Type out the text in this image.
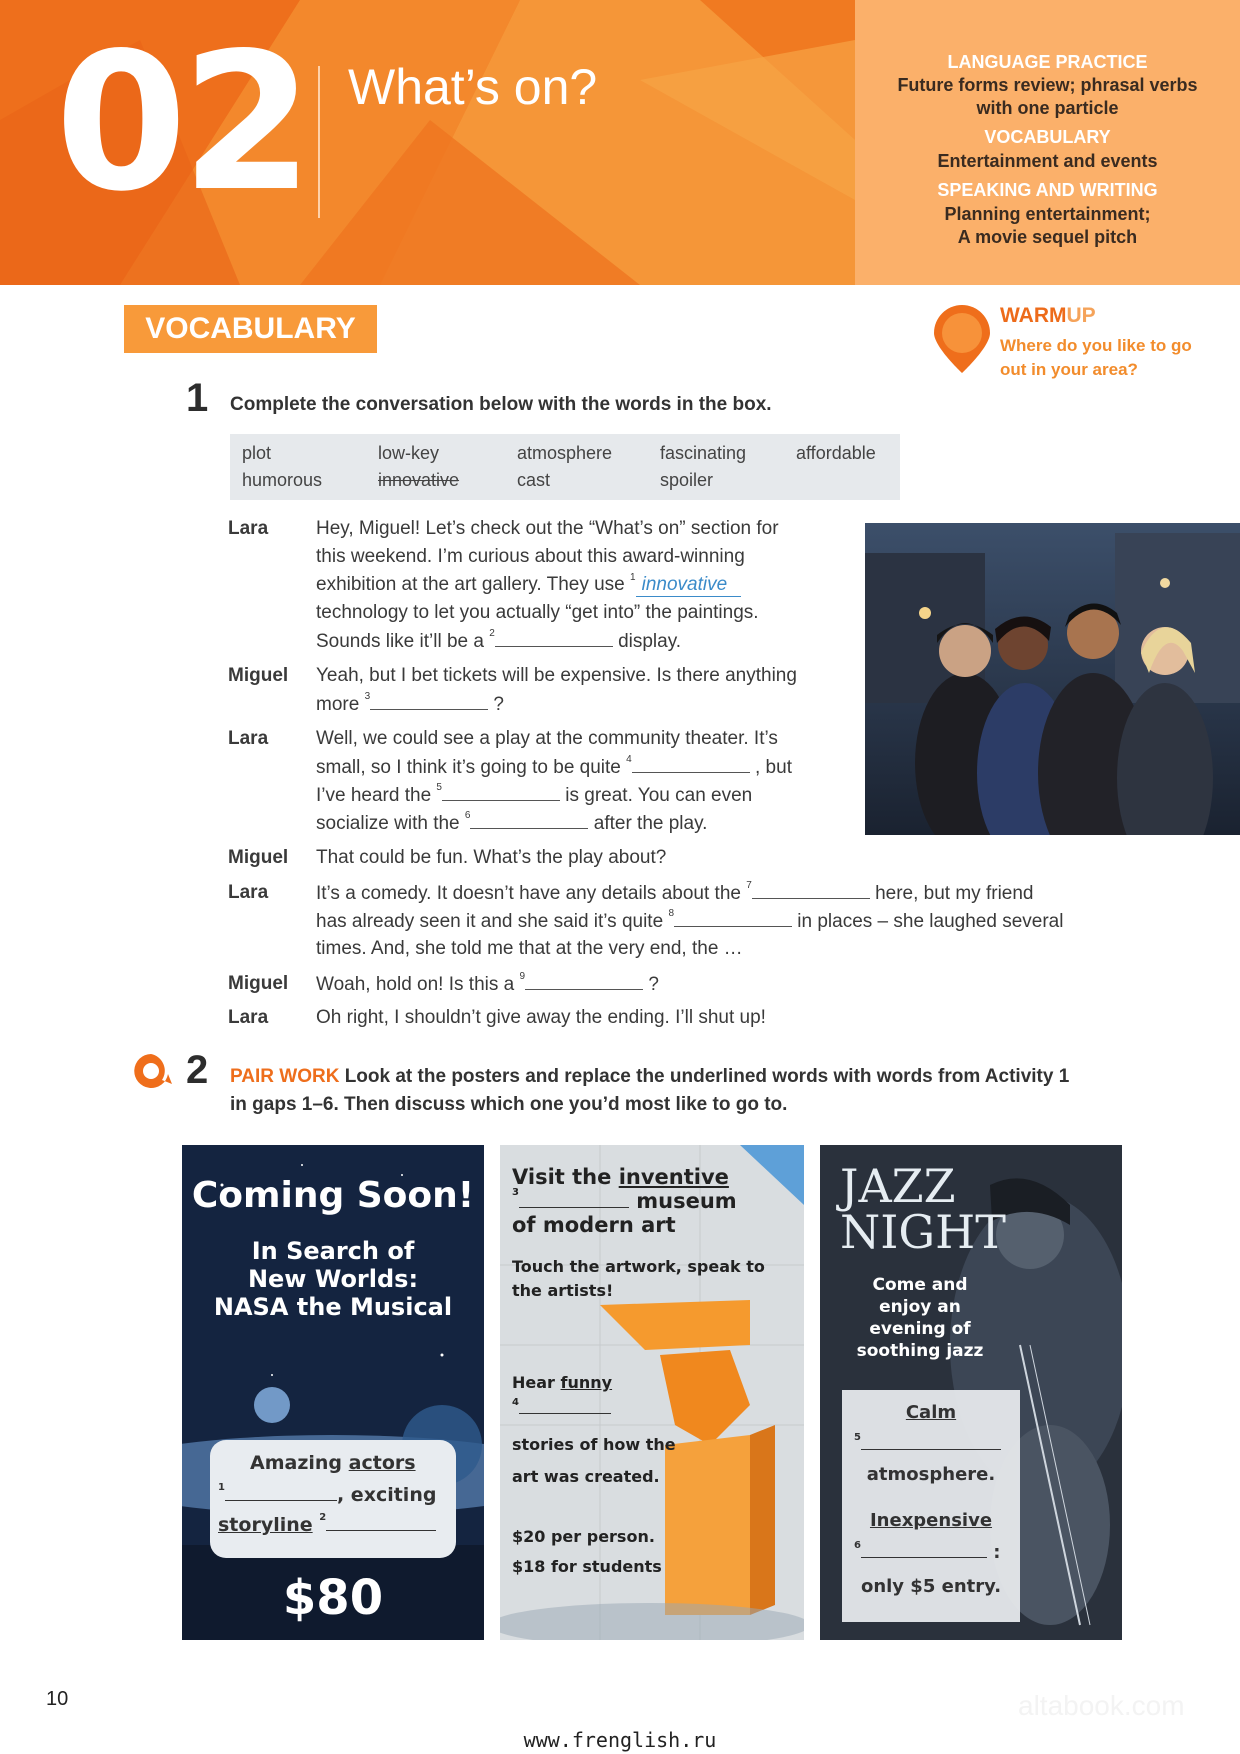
02 What’s on?	LANGUAGE PRACTICE
Future forms review; phrasal verbs
with one particle
VOCABULARY
Entertainment and events
SPEAKING AND WRITING
Planning entertainment;
A movie sequel pitch
VOCABULARY	WARMUP
Where do you like to go out in your area?
1 Complete the conversation below with the words in the box.
plot	low-key	atmosphere	fascinating	affordable
humorous	innovative	cast	spoiler
Lara	Hey, Miguel! Let’s check out the “What’s on” section for
this weekend. I’m curious about this award-winning
exhibition at the art gallery. They use $^1$ innovative
technology to let you actually “get into” the paintings.
Sounds like it’ll be a $^2$	display.
Miguel Yeah, but I bet tickets will be expensive. Is there anything
more $^3$	?
Lara	Well, we could see a play at the community theater. It’s
small, so I think it’s going to be quite $^4$	, but
I’ve heard the $^5$	is great. You can even
socialize with the $^6$	after the play.
Miguel That could be fun. What’s the play about?
Lara	It’s a comedy. It doesn’t have any details about the $^7$	here, but my friend
has already seen it and she said it’s quite $^8$	in places – she laughed several
times. And, she told me that at the very end, the …
Miguel Woah, hold on! Is this a $^9$	?
Lara	Oh right, I shouldn’t give away the ending. I’ll shut up!
2 PAIR WORK Look at the posters and replace the underlined words with words from Activity 1
in gaps 1–6. Then discuss which one you’d most like to go to.
Coming Soon!
In Search of
New Worlds:
NASA the Musical
Amazing actors
$^1$	, exciting
storyline $^2$
$80
Visit the inventive
$^3$	museum
of modern art
Touch the artwork, speak to
the artists!
Hear funny
$^4$
stories of how the
art was created.
$20 per person.
$18 for students
JAZZ
NIGHT
Come and
enjoy an
evening of
soothing jazz
Calm
$^5$
atmosphere.
Inexpensive
$^6$	:
only $5 entry.
10	altabook.com
www.frenglish.ru
